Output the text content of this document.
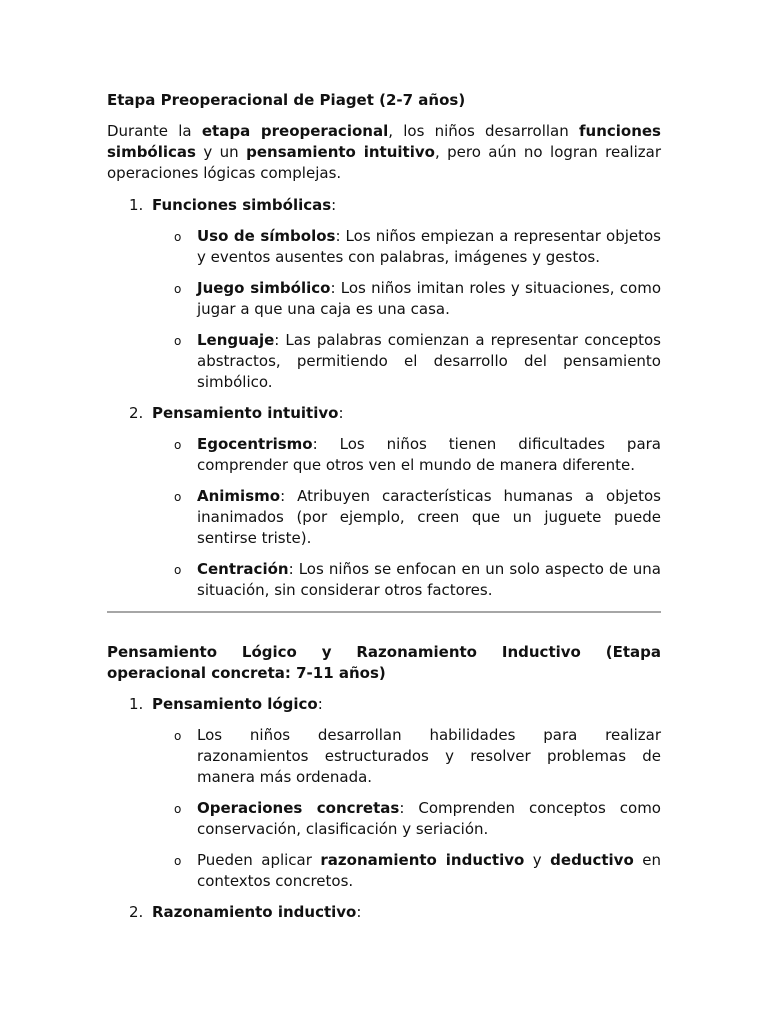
Etapa Preoperacional de Piaget (2-7 años)

Durante la etapa preoperacional, los niños desarrollan funciones simbólicas y un pensamiento intuitivo, pero aún no logran realizar operaciones lógicas complejas.

1. Funciones simbólicas:
o Uso de símbolos: Los niños empiezan a representar objetos y eventos ausentes con palabras, imágenes y gestos.
o Juego simbólico: Los niños imitan roles y situaciones, como jugar a que una caja es una casa.
o Lenguaje: Las palabras comienzan a representar conceptos abstractos, permitiendo el desarrollo del pensamiento simbólico.
2. Pensamiento intuitivo:
o Egocentrismo: Los niños tienen dificultades para comprender que otros ven el mundo de manera diferente.
o Animismo: Atribuyen características humanas a objetos inanimados (por ejemplo, creen que un juguete puede sentirse triste).
o Centración: Los niños se enfocan en un solo aspecto de una situación, sin considerar otros factores.

Pensamiento Lógico y Razonamiento Inductivo (Etapa operacional concreta: 7-11 años)

1. Pensamiento lógico:
o Los niños desarrollan habilidades para realizar razonamientos estructurados y resolver problemas de manera más ordenada.
o Operaciones concretas: Comprenden conceptos como conservación, clasificación y seriación.
o Pueden aplicar razonamiento inductivo y deductivo en contextos concretos.
2. Razonamiento inductivo:
